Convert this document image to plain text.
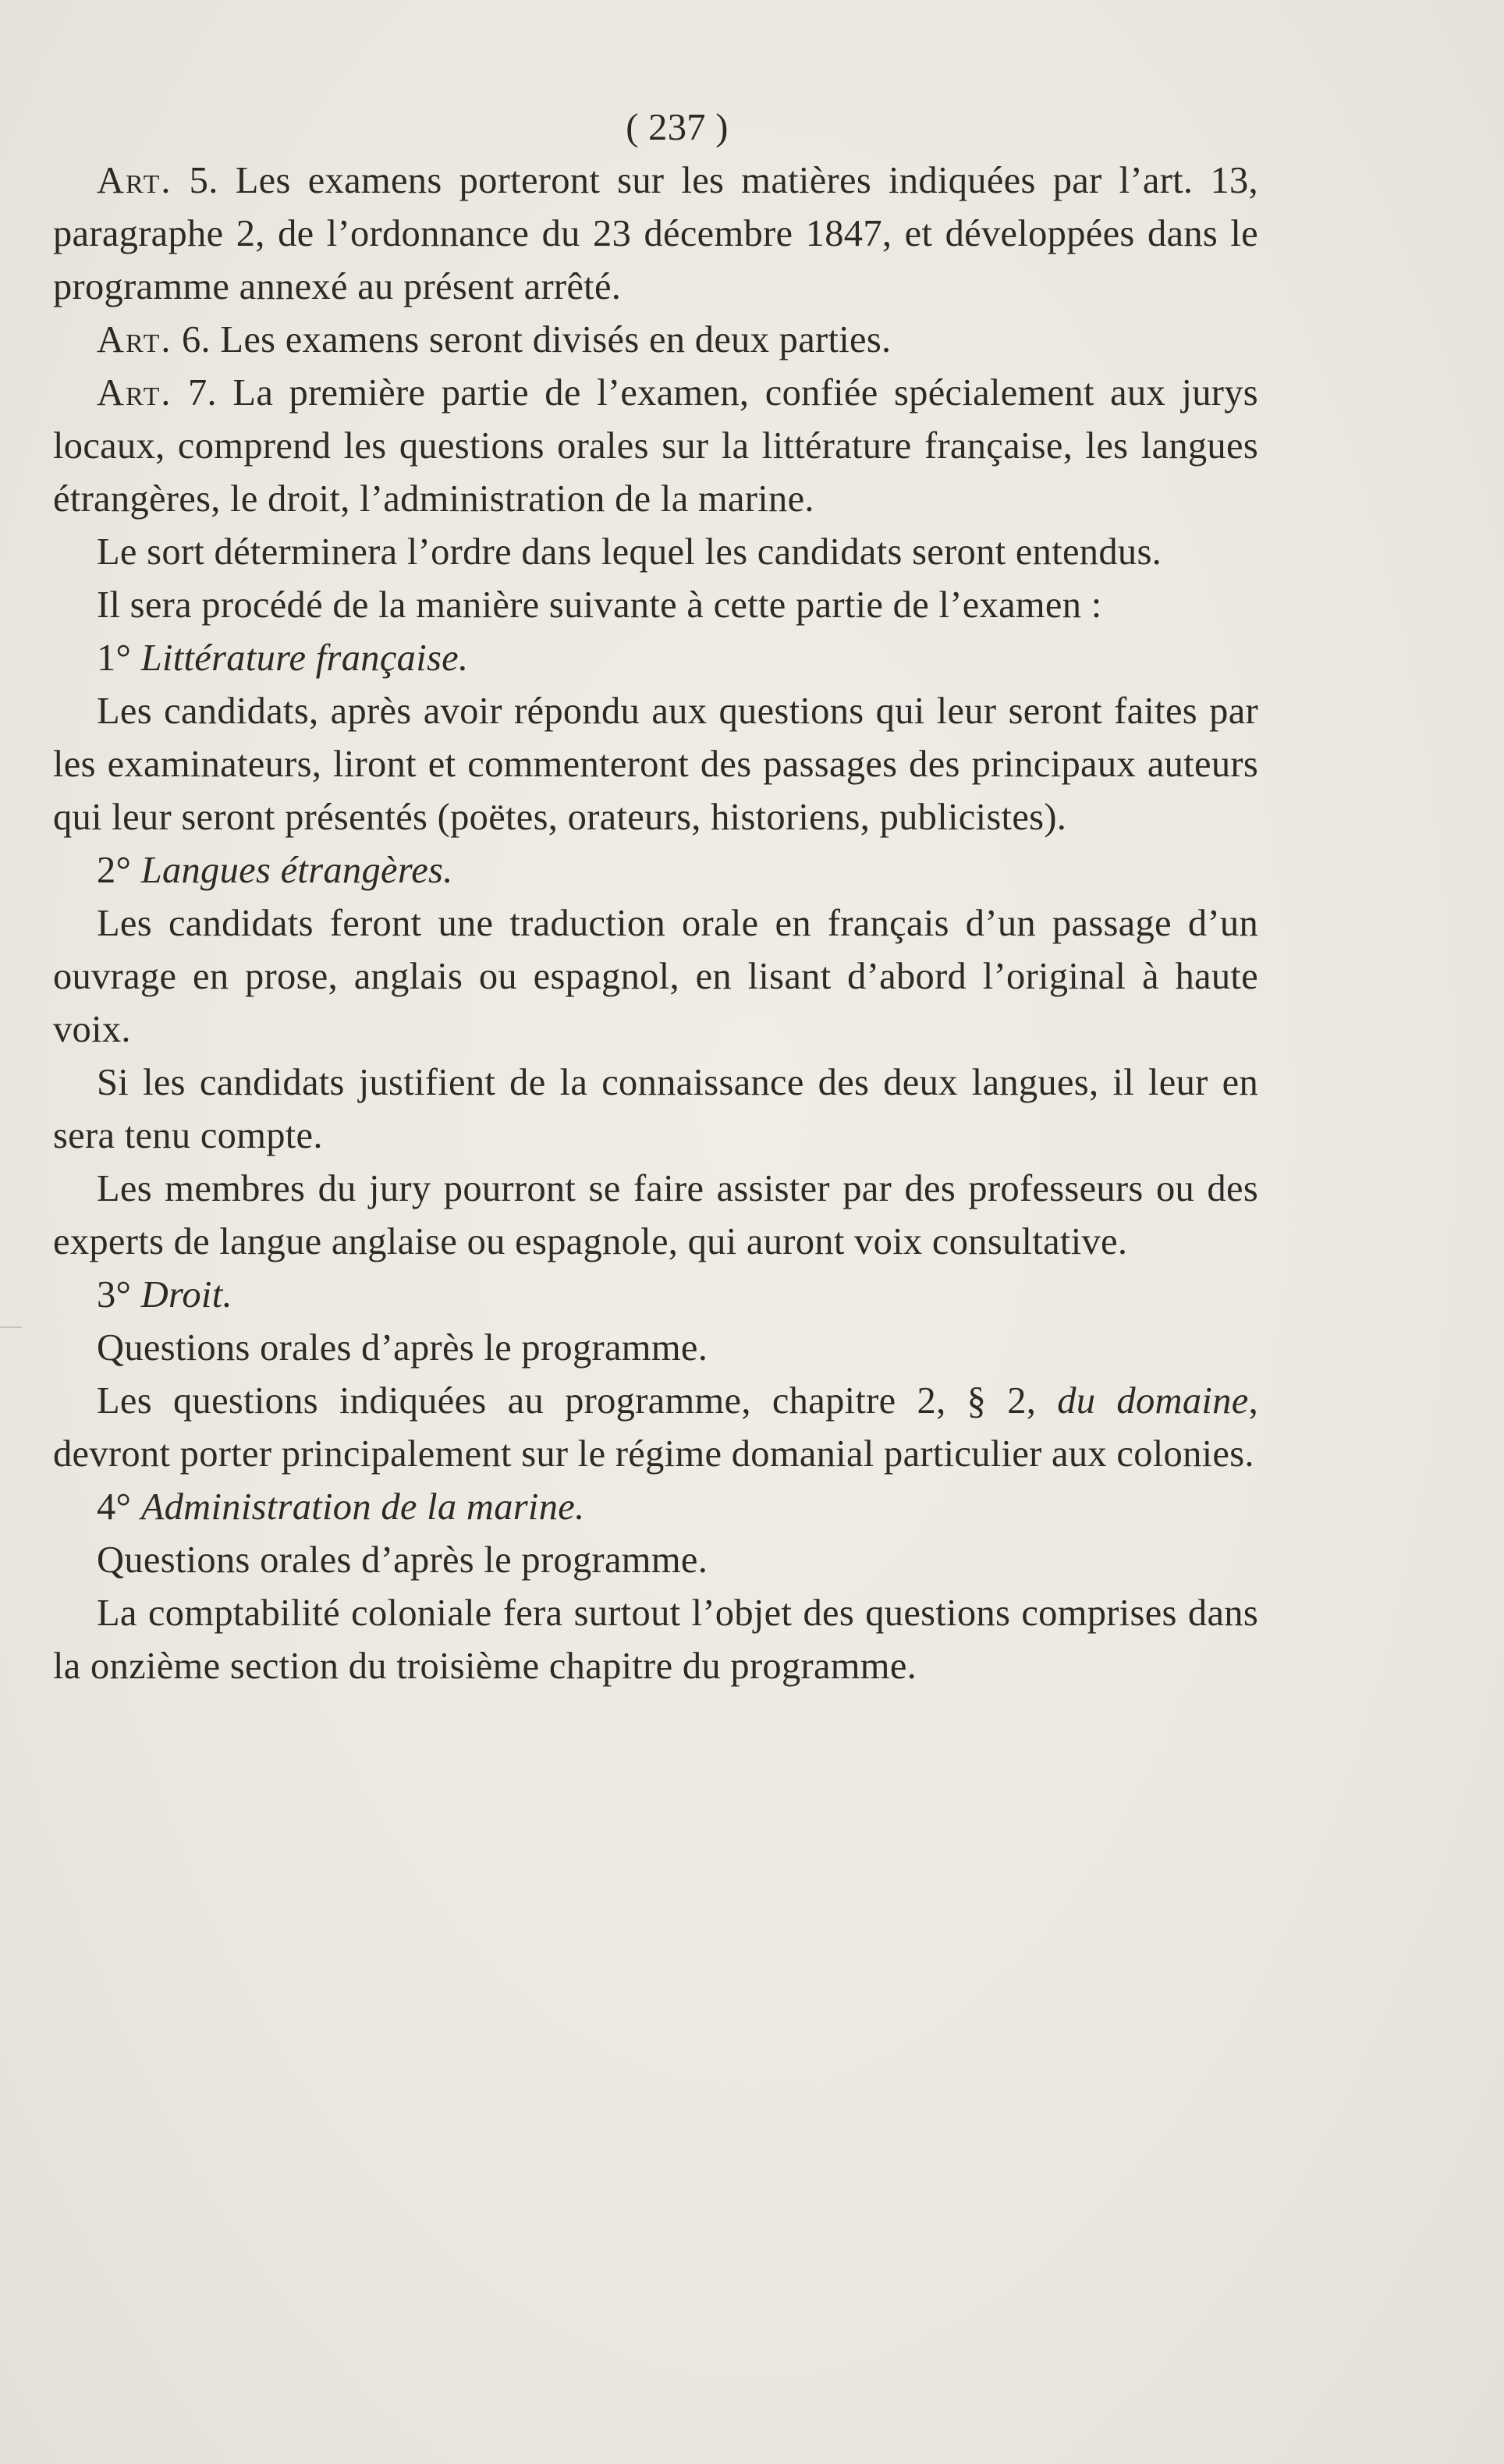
( 237 )

Art. 5. Les examens porteront sur les matières indiquées par l’art. 13, paragraphe 2, de l’ordonnance du 23 décembre 1847, et développées dans le programme annexé au présent arrêté.

Art. 6. Les examens seront divisés en deux parties.

Art. 7. La première partie de l’examen, confiée spécialement aux jurys locaux, comprend les questions orales sur la littérature française, les langues étrangères, le droit, l’administration de la marine.

Le sort déterminera l’ordre dans lequel les candidats seront entendus.

Il sera procédé de la manière suivante à cette partie de l’examen :

1° Littérature française.

Les candidats, après avoir répondu aux questions qui leur seront faites par les examinateurs, liront et commenteront des passages des principaux auteurs qui leur seront présentés (poëtes, orateurs, historiens, publicistes).

2° Langues étrangères.

Les candidats feront une traduction orale en français d’un passage d’un ouvrage en prose, anglais ou espagnol, en lisant d’abord l’original à haute voix.

Si les candidats justifient de la connaissance des deux langues, il leur en sera tenu compte.

Les membres du jury pourront se faire assister par des professeurs ou des experts de langue anglaise ou espagnole, qui auront voix consultative.

3° Droit.

Questions orales d’après le programme.

Les questions indiquées au programme, chapitre 2, § 2, du domaine, devront porter principalement sur le régime domanial particulier aux colonies.

4° Administration de la marine.

Questions orales d’après le programme.

La comptabilité coloniale fera surtout l’objet des questions comprises dans la onzième section du troisième chapitre du programme.
